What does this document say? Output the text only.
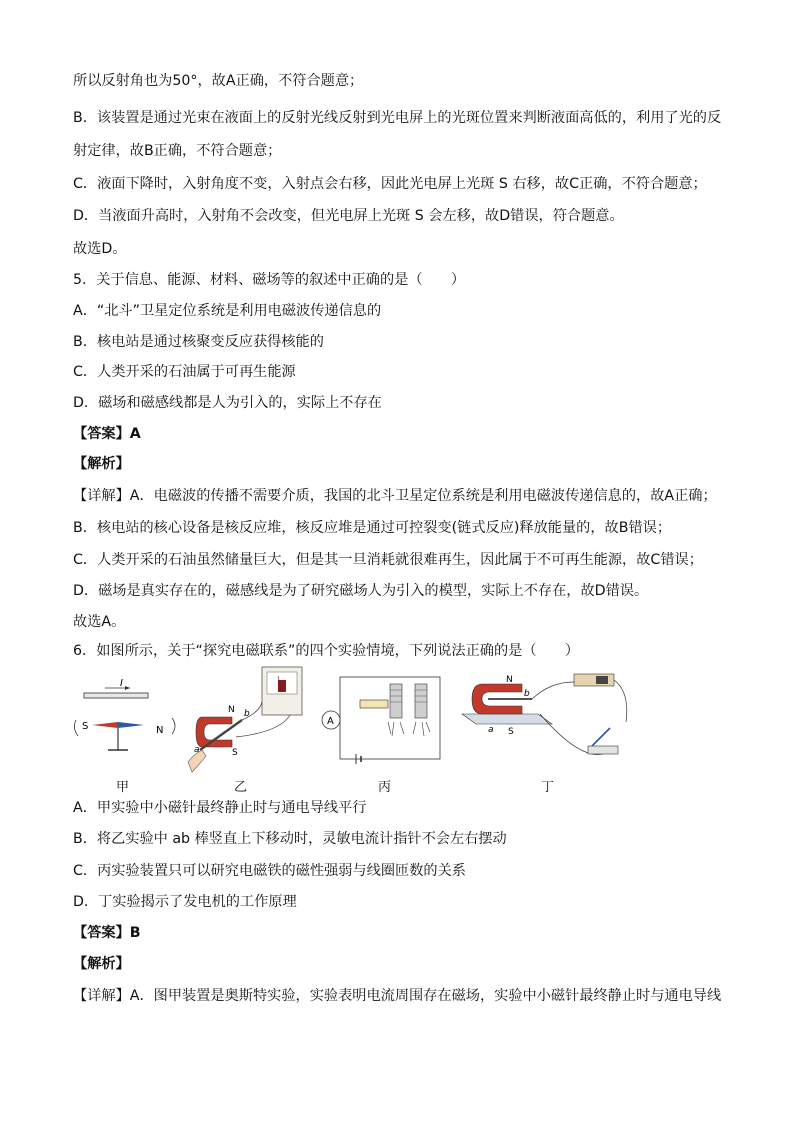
所以反射角也为50°，故A正确，不符合题意；
B．该装置是通过光束在液面上的反射光线反射到光电屏上的光斑位置来判断液面高低的，利用了光的反
射定律，故B正确，不符合题意；
C．液面下降时，入射角度不变，入射点会右移，因此光电屏上光斑 S 右移，故C正确，不符合题意；
D．当液面升高时，入射角不会改变，但光电屏上光斑 S 会左移，故D错误，符合题意。
故选D。
5．关于信息、能源、材料、磁场等的叙述中正确的是（　　）
A．“北斗”卫星定位系统是利用电磁波传递信息的
B．核电站是通过核聚变反应获得核能的
C．人类开采的石油属于可再生能源
D．磁场和磁感线都是人为引入的，实际上不存在
【答案】A
【解析】
【详解】A．电磁波的传播不需要介质，我国的北斗卫星定位系统是利用电磁波传递信息的，故A正确；
B．核电站的核心设备是核反应堆，核反应堆是通过可控裂变(链式反应)释放能量的，故B错误；
C．人类开采的石油虽然储量巨大，但是其一旦消耗就很难再生，因此属于不可再生能源，故C错误；
D．磁场是真实存在的，磁感线是为了研究磁场人为引入的模型，实际上不存在，故D错误。
故选A。
6．如图所示，关于“探究电磁联系”的四个实验情境，下列说法正确的是（　　）
I
S	N
N
S
a
b
A
N
S
a
b
甲	乙	丙	丁
A．甲实验中小磁针最终静止时与通电导线平行
B．将乙实验中 ab 棒竖直上下移动时，灵敏电流计指针不会左右摆动
C．丙实验装置只可以研究电磁铁的磁性强弱与线圈匝数的关系
D．丁实验揭示了发电机的工作原理
【答案】B
【解析】
【详解】A．图甲装置是奥斯特实验，实验表明电流周围存在磁场，实验中小磁针最终静止时与通电导线
